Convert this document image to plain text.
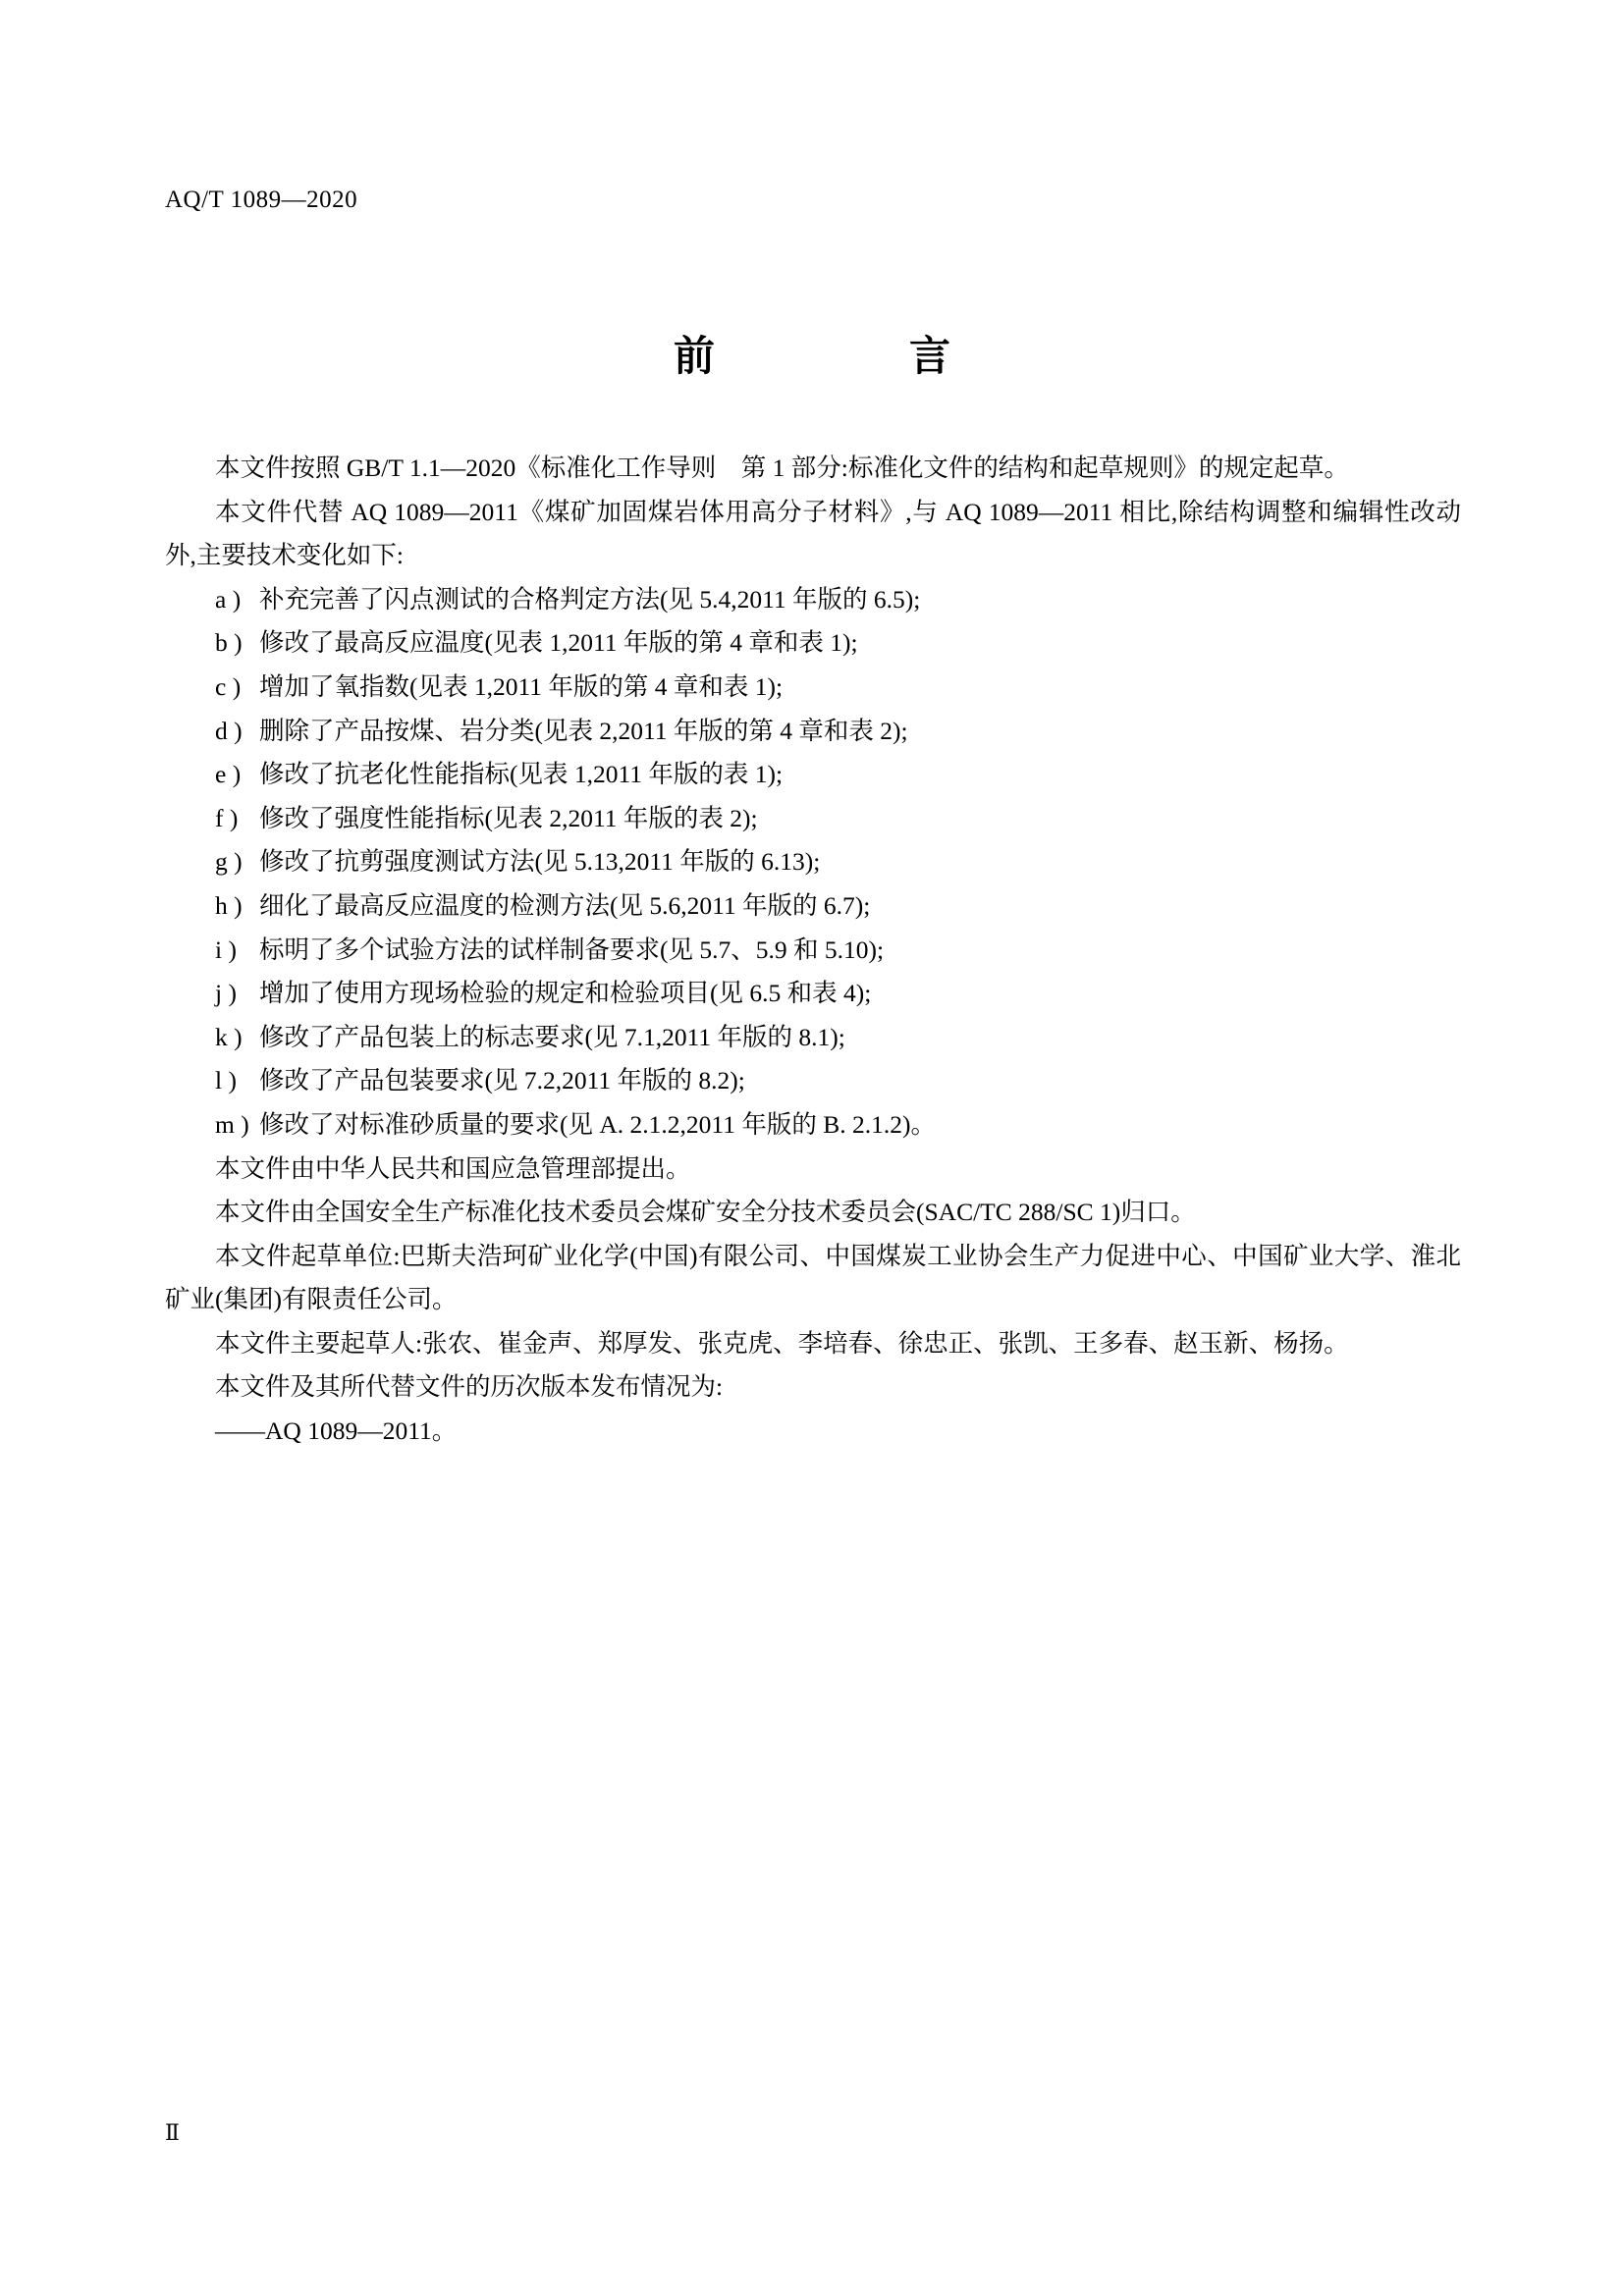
AQ/T 1089—2020
前　　言

本文件按照 GB/T 1.1—2020《标准化工作导则　第 1 部分:标准化文件的结构和起草规则》的规定起草。

本文件代替 AQ 1089—2011《煤矿加固煤岩体用高分子材料》,与 AQ 1089—2011 相比,除结构调整和编辑性改动外,主要技术变化如下:

a ) 补充完善了闪点测试的合格判定方法(见 5.4,2011 年版的 6.5);
b ) 修改了最高反应温度(见表 1,2011 年版的第 4 章和表 1);
c ) 增加了氧指数(见表 1,2011 年版的第 4 章和表 1);
d ) 删除了产品按煤、岩分类(见表 2,2011 年版的第 4 章和表 2);
e ) 修改了抗老化性能指标(见表 1,2011 年版的表 1);
f ) 修改了强度性能指标(见表 2,2011 年版的表 2);
g ) 修改了抗剪强度测试方法(见 5.13,2011 年版的 6.13);
h ) 细化了最高反应温度的检测方法(见 5.6,2011 年版的 6.7);
i ) 标明了多个试验方法的试样制备要求(见 5.7、5.9 和 5.10);
j ) 增加了使用方现场检验的规定和检验项目(见 6.5 和表 4);
k ) 修改了产品包装上的标志要求(见 7.1,2011 年版的 8.1);
l ) 修改了产品包装要求(见 7.2,2011 年版的 8.2);
m ) 修改了对标准砂质量的要求(见 A. 2.1.2,2011 年版的 B. 2.1.2)。

本文件由中华人民共和国应急管理部提出。

本文件由全国安全生产标准化技术委员会煤矿安全分技术委员会(SAC/TC 288/SC 1)归口。

本文件起草单位:巴斯夫浩珂矿业化学(中国)有限公司、中国煤炭工业协会生产力促进中心、中国矿业大学、淮北矿业(集团)有限责任公司。

本文件主要起草人:张农、崔金声、郑厚发、张克虎、李培春、徐忠正、张凯、王多春、赵玉新、杨扬。

本文件及其所代替文件的历次版本发布情况为:

——AQ 1089—2011。

Ⅱ
